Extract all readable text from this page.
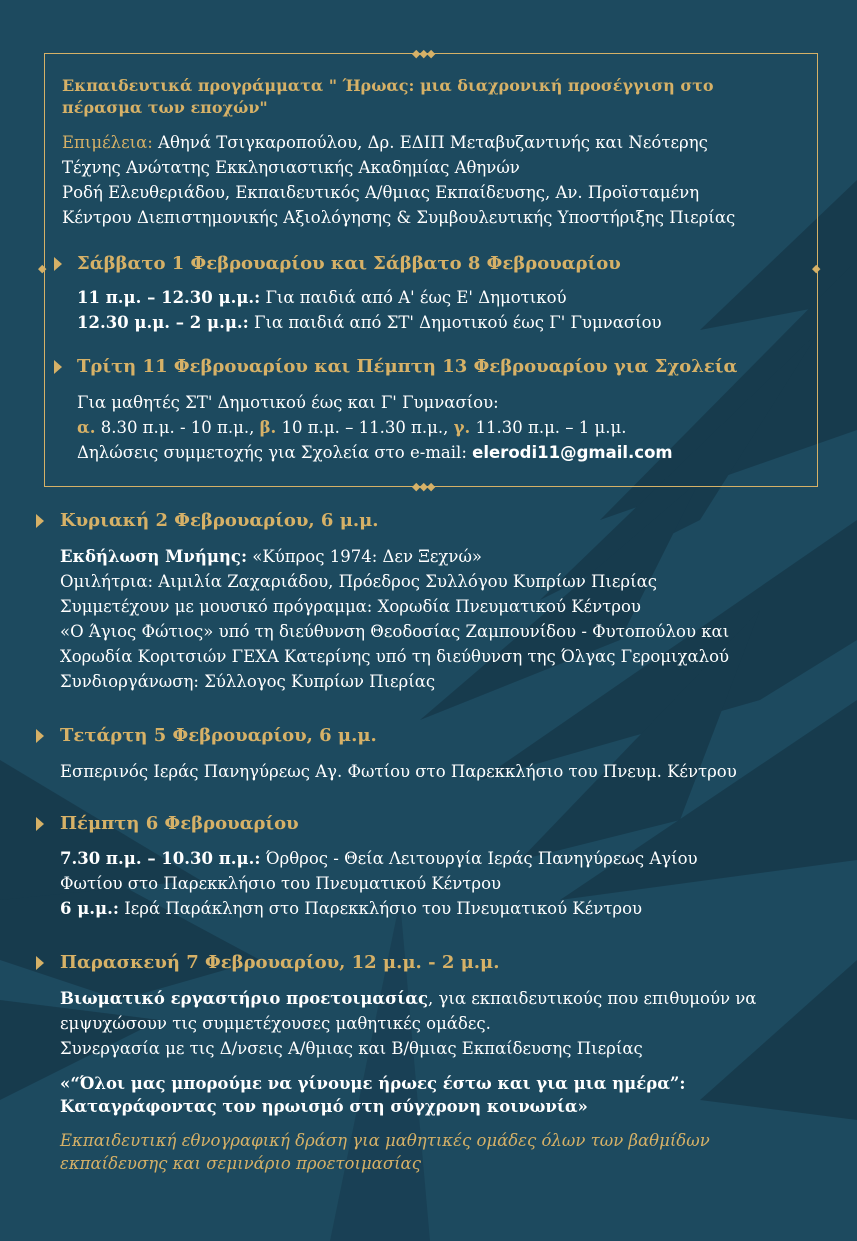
◆◆◆
◆◆◆
◆	◆
Εκπαιδευτικά προγράμματα " Ήρωας: μια διαχρονική προσέγγιση στο
πέρασμα των εποχών"
Επιμέλεια: Αθηνά Τσιγκαροπούλου, Δρ. ΕΔΙΠ Μεταβυζαντινής και Νεότερης
Τέχνης Ανώτατης Εκκλησιαστικής Ακαδημίας Αθηνών
Ροδή Ελευθεριάδου, Εκπαιδευτικός Α/θμιας Εκπαίδευσης, Αν. Προϊσταμένη
Κέντρου Διεπιστημονικής Αξιολόγησης & Συμβουλευτικής Υποστήριξης Πιερίας
Σάββατο 1 Φεβρουαρίου και Σάββατο 8 Φεβρουαρίου
11 π.μ. – 12.30 μ.μ.: Για παιδιά από Α' έως Ε' Δημοτικού
12.30 μ.μ. – 2 μ.μ.: Για παιδιά από ΣΤ' Δημοτικού έως Γ' Γυμνασίου
Τρίτη 11 Φεβρουαρίου και Πέμπτη 13 Φεβρουαρίου για Σχολεία
Για μαθητές ΣΤ' Δημοτικού έως και Γ' Γυμνασίου:
α. 8.30 π.μ. - 10 π.μ., β. 10 π.μ. – 11.30 π.μ., γ. 11.30 π.μ. – 1 μ.μ.
Δηλώσεις συμμετοχής για Σχολεία στο e-mail: elerodi11@gmail.com
Κυριακή 2 Φεβρουαρίου, 6 μ.μ.
Εκδήλωση Μνήμης: «Κύπρος 1974: Δεν Ξεχνώ»
Ομιλήτρια: Αιμιλία Ζαχαριάδου, Πρόεδρος Συλλόγου Κυπρίων Πιερίας
Συμμετέχουν με μουσικό πρόγραμμα: Χορωδία Πνευματικού Κέντρου
«Ο Άγιος Φώτιος» υπό τη διεύθυνση Θεοδοσίας Ζαμπουνίδου - Φυτοπούλου και
Χορωδία Κοριτσιών ΓΕΧΑ Κατερίνης υπό τη διεύθυνση της Όλγας Γερομιχαλού
Συνδιοργάνωση: Σύλλογος Κυπρίων Πιερίας
Τετάρτη 5 Φεβρουαρίου, 6 μ.μ.
Εσπερινός Ιεράς Πανηγύρεως Αγ. Φωτίου στο Παρεκκλήσιο του Πνευμ. Κέντρου
Πέμπτη 6 Φεβρουαρίου
7.30 π.μ. – 10.30 π.μ.: Όρθρος - Θεία Λειτουργία Ιεράς Πανηγύρεως Αγίου
Φωτίου στο Παρεκκλήσιο του Πνευματικού Κέντρου
6 μ.μ.: Ιερά Παράκληση στο Παρεκκλήσιο του Πνευματικού Κέντρου
Παρασκευή 7 Φεβρουαρίου, 12 μ.μ. - 2 μ.μ.
Βιωματικό εργαστήριο προετοιμασίας, για εκπαιδευτικούς που επιθυμούν να
εμψυχώσουν τις συμμετέχουσες μαθητικές ομάδες.
Συνεργασία με τις Δ/νσεις Α/θμιας και Β/θμιας Εκπαίδευσης Πιερίας
«“Όλοι μας μπορούμε να γίνουμε ήρωες έστω και για μια ημέρα”:
Καταγράφοντας τον ηρωισμό στη σύγχρονη κοινωνία»
Εκπαιδευτική εθνογραφική δράση για μαθητικές ομάδες όλων των βαθμίδων
εκπαίδευσης και σεμινάριο προετοιμασίας
